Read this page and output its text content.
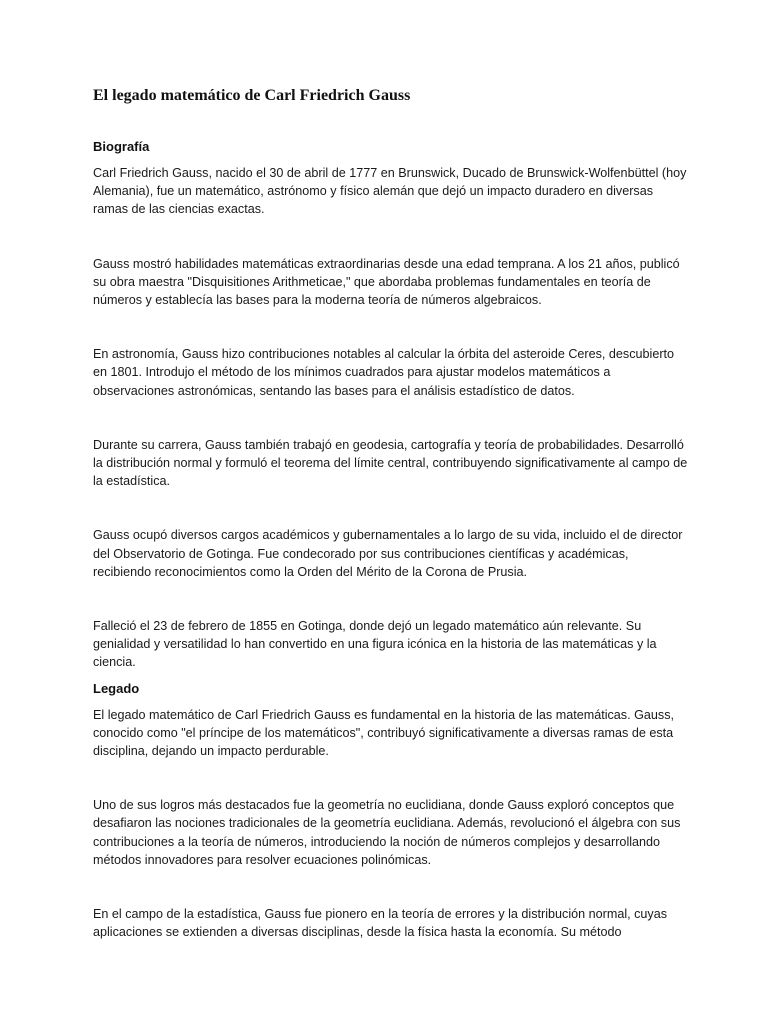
El legado matemático de Carl Friedrich Gauss
Biografía

Carl Friedrich Gauss, nacido el 30 de abril de 1777 en Brunswick, Ducado de Brunswick-Wolfenbüttel (hoy Alemania), fue un matemático, astrónomo y físico alemán que dejó un impacto duradero en diversas ramas de las ciencias exactas.

Gauss mostró habilidades matemáticas extraordinarias desde una edad temprana. A los 21 años, publicó su obra maestra "Disquisitiones Arithmeticae," que abordaba problemas fundamentales en teoría de números y establecía las bases para la moderna teoría de números algebraicos.

En astronomía, Gauss hizo contribuciones notables al calcular la órbita del asteroide Ceres, descubierto en 1801. Introdujo el método de los mínimos cuadrados para ajustar modelos matemáticos a observaciones astronómicas, sentando las bases para el análisis estadístico de datos.

Durante su carrera, Gauss también trabajó en geodesia, cartografía y teoría de probabilidades. Desarrolló la distribución normal y formuló el teorema del límite central, contribuyendo significativamente al campo de la estadística.

Gauss ocupó diversos cargos académicos y gubernamentales a lo largo de su vida, incluido el de director del Observatorio de Gotinga. Fue condecorado por sus contribuciones científicas y académicas, recibiendo reconocimientos como la Orden del Mérito de la Corona de Prusia.

Falleció el 23 de febrero de 1855 en Gotinga, donde dejó un legado matemático aún relevante. Su genialidad y versatilidad lo han convertido en una figura icónica en la historia de las matemáticas y la ciencia.

Legado

El legado matemático de Carl Friedrich Gauss es fundamental en la historia de las matemáticas. Gauss, conocido como "el príncipe de los matemáticos", contribuyó significativamente a diversas ramas de esta disciplina, dejando un impacto perdurable.

Uno de sus logros más destacados fue la geometría no euclidiana, donde Gauss exploró conceptos que desafiaron las nociones tradicionales de la geometría euclidiana. Además, revolucionó el álgebra con sus contribuciones a la teoría de números, introduciendo la noción de números complejos y desarrollando métodos innovadores para resolver ecuaciones polinómicas.

En el campo de la estadística, Gauss fue pionero en la teoría de errores y la distribución normal, cuyas aplicaciones se extienden a diversas disciplinas, desde la física hasta la economía. Su método
